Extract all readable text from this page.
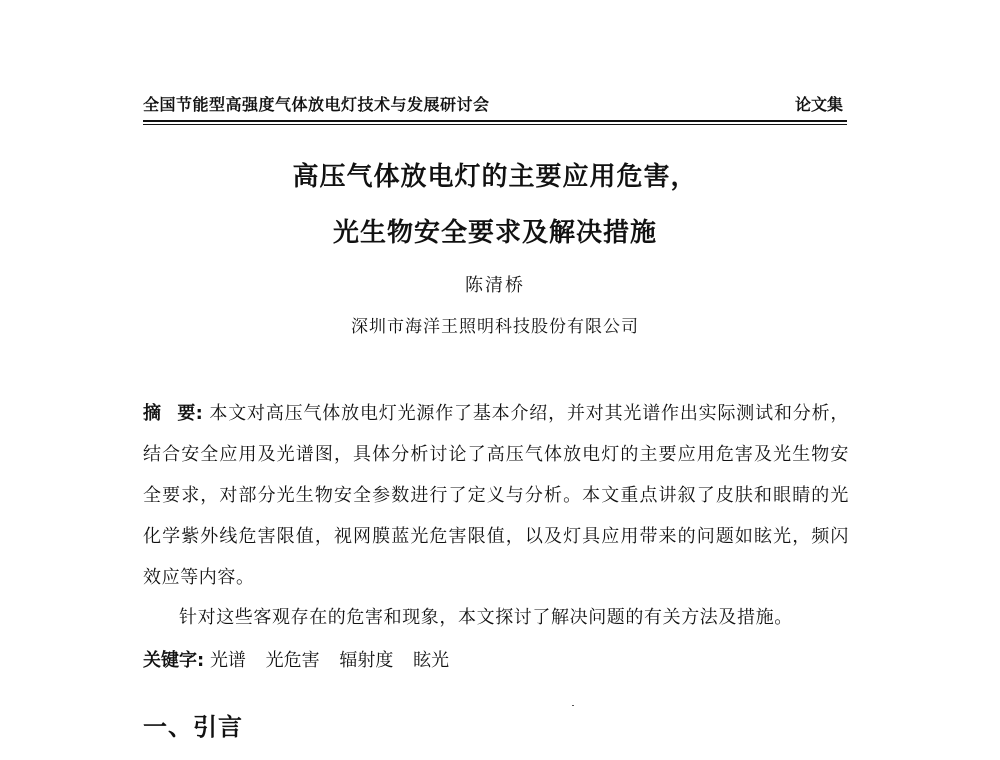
全国节能型高强度气体放电灯技术与发展研讨会	论文集
高压气体放电灯的主要应用危害，
光生物安全要求及解决措施
陈清桥
深圳市海洋王照明科技股份有限公司
摘 要: 本文对高压气体放电灯光源作了基本介绍，并对其光谱作出实际测试和分析，结合安全应用及光谱图，具体分析讨论了高压气体放电灯的主要应用危害及光生物安全要求，对部分光生物安全参数进行了定义与分析。本文重点讲叙了皮肤和眼睛的光化学紫外线危害限值，视网膜蓝光危害限值，以及灯具应用带来的问题如眩光，频闪效应等内容。
针对这些客观存在的危害和现象，本文探讨了解决问题的有关方法及措施。
关键字: 光谱 光危害 辐射度 眩光
一、引言
